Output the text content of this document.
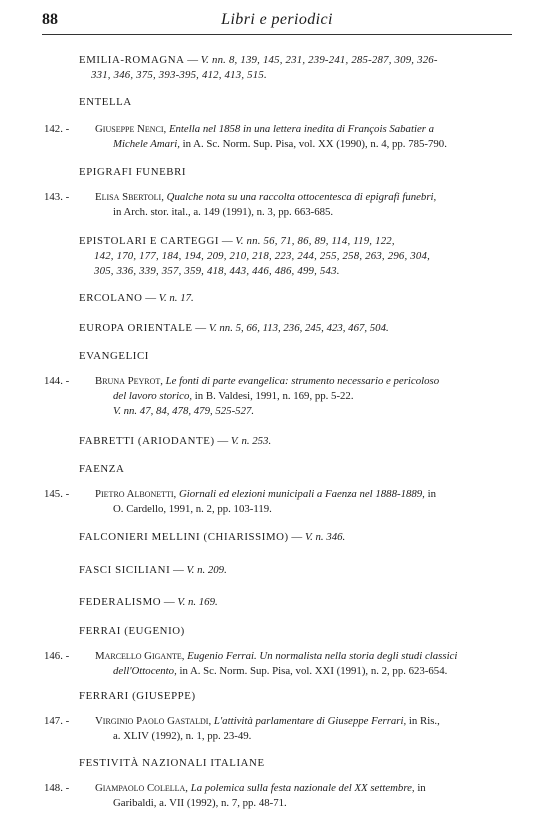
88	Libri e periodici
EMILIA-ROMAGNA — V. nn. 8, 139, 145, 231, 239-241, 285-287, 309, 326-
331, 346, 375, 393-395, 412, 413, 515.
ENTELLA
142. -	Giuseppe Nenci, Entella nel 1858 in una lettera inedita di François Sabatier a
Michele Amari, in A. Sc. Norm. Sup. Pisa, vol. XX (1990), n. 4, pp. 785-790.
EPIGRAFI FUNEBRI
143. -	Elisa Sbertoli, Qualche nota su una raccolta ottocentesca di epigrafi funebri,
in Arch. stor. ital., a. 149 (1991), n. 3, pp. 663-685.
EPISTOLARI E CARTEGGI — V. nn. 56, 71, 86, 89, 114, 119, 122,
142, 170, 177, 184, 194, 209, 210, 218, 223, 244, 255, 258, 263, 296, 304,
305, 336, 339, 357, 359, 418, 443, 446, 486, 499, 543.
ERCOLANO — V. n. 17.
EUROPA ORIENTALE — V. nn. 5, 66, 113, 236, 245, 423, 467, 504.
EVANGELICI
144. -	Bruna Peyrot, Le fonti di parte evangelica: strumento necessario e pericoloso
del lavoro storico, in B. Valdesi, 1991, n. 169, pp. 5-22.
V. nn. 47, 84, 478, 479, 525-527.
FABRETTI (ARIODANTE) — V. n. 253.
FAENZA
145. -	Pietro Albonetti, Giornali ed elezioni municipali a Faenza nel 1888-1889, in
O. Cardello, 1991, n. 2, pp. 103-119.
FALCONIERI MELLINI (CHIARISSIMO) — V. n. 346.
FASCI SICILIANI — V. n. 209.
FEDERALISMO — V. n. 169.
FERRAI (EUGENIO)
146. -	Marcello Gigante, Eugenio Ferrai. Un normalista nella storia degli studi classici
dell'Ottocento, in A. Sc. Norm. Sup. Pisa, vol. XXI (1991), n. 2, pp. 623-654.
FERRARI (GIUSEPPE)
147. -	Virginio Paolo Gastaldi, L'attività parlamentare di Giuseppe Ferrari, in Ris.,
a. XLIV (1992), n. 1, pp. 23-49.
FESTIVITÀ NAZIONALI ITALIANE
148. -	Giampaolo Colella, La polemica sulla festa nazionale del XX settembre, in
Garibaldi, a. VII (1992), n. 7, pp. 48-71.
